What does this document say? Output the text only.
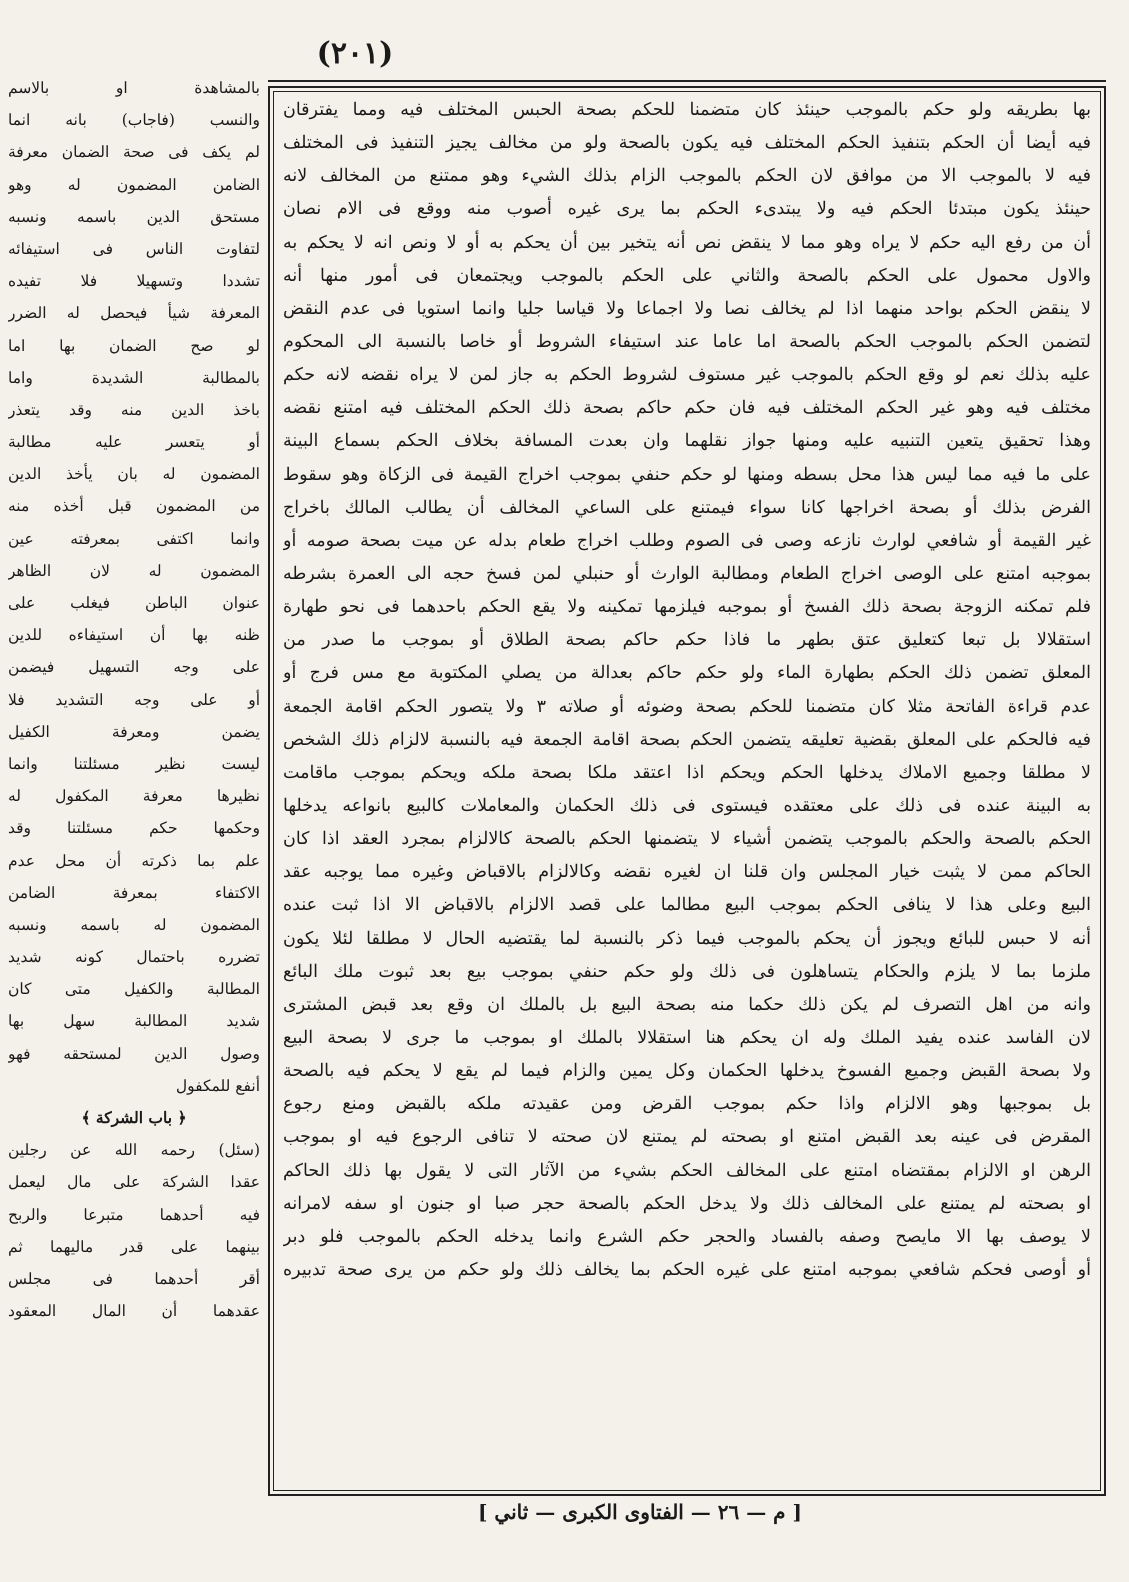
(٢٠١)
بها بطريقه ولو حكم بالموجب حينئذ كان متضمنا للحكم بصحة الحبس المختلف فيه ومما يفترقان
فيه أيضا أن الحكم بتنفيذ الحكم المختلف فيه يكون بالصحة ولو من مخالف يجيز التنفيذ فى المختلف
فيه لا بالموجب الا من موافق لان الحكم بالموجب الزام بذلك الشيء وهو ممتنع من المخالف لانه
حينئذ يكون مبتدئا الحكم فيه ولا يبتدىء الحكم بما يرى غيره أصوب منه ووقع فى الام نصان
أن من رفع اليه حكم لا يراه وهو مما لا ينقض نص أنه يتخير بين أن يحكم به أو لا ونص انه لا يحكم به
والاول محمول على الحكم بالصحة والثاني على الحكم بالموجب ويجتمعان فى أمور منها أنه
لا ينقض الحكم بواحد منهما اذا لم يخالف نصا ولا اجماعا ولا قياسا جليا وانما استويا فى عدم النقض
لتضمن الحكم بالموجب الحكم بالصحة اما عاما عند استيفاء الشروط أو خاصا بالنسبة الى المحكوم
عليه بذلك نعم لو وقع الحكم بالموجب غير مستوف لشروط الحكم به جاز لمن لا يراه نقضه لانه حكم
مختلف فيه وهو غير الحكم المختلف فيه فان حكم حاكم بصحة ذلك الحكم المختلف فيه امتنع نقضه
وهذا تحقيق يتعين التنبيه عليه ومنها جواز نقلهما وان بعدت المسافة بخلاف الحكم بسماع البينة
على ما فيه مما ليس هذا محل بسطه ومنها لو حكم حنفي بموجب اخراج القيمة فى الزكاة وهو سقوط
الفرض بذلك أو بصحة اخراجها كانا سواء فيمتنع على الساعي المخالف أن يطالب المالك باخراج
غير القيمة أو شافعي لوارث نازعه وصى فى الصوم وطلب اخراج طعام بدله عن ميت بصحة صومه أو
بموجبه امتنع على الوصى اخراج الطعام ومطالبة الوارث أو حنبلي لمن فسخ حجه الى العمرة بشرطه
فلم تمكنه الزوجة بصحة ذلك الفسخ أو بموجبه فيلزمها تمكينه ولا يقع الحكم باحدهما فى نحو طهارة
استقلالا بل تبعا كتعليق عتق بطهر ما فاذا حكم حاكم بصحة الطلاق أو بموجب ما صدر من
المعلق تضمن ذلك الحكم بطهارة الماء ولو حكم حاكم بعدالة من يصلي المكتوبة مع مس فرج أو
عدم قراءة الفاتحة مثلا كان متضمنا للحكم بصحة وضوئه أو صلاته ٣ ولا يتصور الحكم اقامة الجمعة
فيه فالحكم على المعلق بقضية تعليقه يتضمن الحكم بصحة اقامة الجمعة فيه بالنسبة لالزام ذلك الشخص
لا مطلقا وجميع الاملاك يدخلها الحكم ويحكم اذا اعتقد ملكا بصحة ملكه ويحكم بموجب ماقامت
به البينة عنده فى ذلك على معتقده فيستوى فى ذلك الحكمان والمعاملات كالبيع بانواعه يدخلها
الحكم بالصحة والحكم بالموجب يتضمن أشياء لا يتضمنها الحكم بالصحة كالالزام بمجرد العقد اذا كان
الحاكم ممن لا يثبت خيار المجلس وان قلنا ان لغيره نقضه وكالالزام بالاقباض وغيره مما يوجبه عقد
البيع وعلى هذا لا ينافى الحكم بموجب البيع مطالما على قصد الالزام بالاقباض الا اذا ثبت عنده
أنه لا حبس للبائع ويجوز أن يحكم بالموجب فيما ذكر بالنسبة لما يقتضيه الحال لا مطلقا لئلا يكون
ملزما بما لا يلزم والحكام يتساهلون فى ذلك ولو حكم حنفي بموجب بيع بعد ثبوت ملك البائع
وانه من اهل التصرف لم يكن ذلك حكما منه بصحة البيع بل بالملك ان وقع بعد قبض المشترى
لان الفاسد عنده يفيد الملك وله ان يحكم هنا استقلالا بالملك او بموجب ما جرى لا بصحة البيع
ولا بصحة القبض وجميع الفسوخ يدخلها الحكمان وكل يمين والزام فيما لم يقع لا يحكم فيه بالصحة
بل بموجبها وهو الالزام واذا حكم بموجب القرض ومن عقيدته ملكه بالقبض ومنع رجوع
المقرض فى عينه بعد القبض امتنع او بصحته لم يمتنع لان صحته لا تنافى الرجوع فيه او بموجب
الرهن او الالزام بمقتضاه امتنع على المخالف الحكم بشيء من الآثار التى لا يقول بها ذلك الحاكم
او بصحته لم يمتنع على المخالف ذلك ولا يدخل الحكم بالصحة حجر صبا او جنون او سفه لامرانه
لا يوصف بها الا مايصح وصفه بالفساد والحجر حكم الشرع وانما يدخله الحكم بالموجب فلو دبر
أو أوصى فحكم شافعي بموجبه امتنع على غيره الحكم بما يخالف ذلك ولو حكم من يرى صحة تدبيره
بالمشاهدة او بالاسم
والنسب (فاجاب) بانه انما
لم يكف فى صحة الضمان معرفة
الضامن المضمون له وهو
مستحق الدين باسمه ونسبه
لتفاوت الناس فى استيفائه
تشددا وتسهيلا فلا تفيده
المعرفة شيأ فيحصل له الضرر
لو صح الضمان بها اما
بالمطالبة الشديدة واما
باخذ الدين منه وقد يتعذر
أو يتعسر عليه مطالبة
المضمون له بان يأخذ الدين
من المضمون قبل أخذه منه
وانما اكتفى بمعرفته عين
المضمون له لان الظاهر
عنوان الباطن فيغلب على
ظنه بها أن استيفاءه للدين
على وجه التسهيل فيضمن
أو على وجه التشديد فلا
يضمن ومعرفة الكفيل
ليست نظير مسئلتنا وانما
نظيرها معرفة المكفول له
وحكمها حكم مسئلتنا وقد
علم بما ذكرته أن محل عدم
الاكتفاء بمعرفة الضامن
المضمون له باسمه ونسبه
تضرره باحتمال كونه شديد
المطالبة والكفيل متى كان
شديد المطالبة سهل بها
وصول الدين لمستحقه فهو
أنفع للمكفول
﴿ باب الشركة ﴾
(سئل) رحمه الله عن رجلين
عقدا الشركة على مال ليعمل
فيه أحدهما متبرعا والربح
بينهما على قدر ماليهما ثم
أقر أحدهما فى مجلس
عقدهما أن المال المعقود
[ م — ٢٦ — الفتاوى الكبرى — ثاني ]
